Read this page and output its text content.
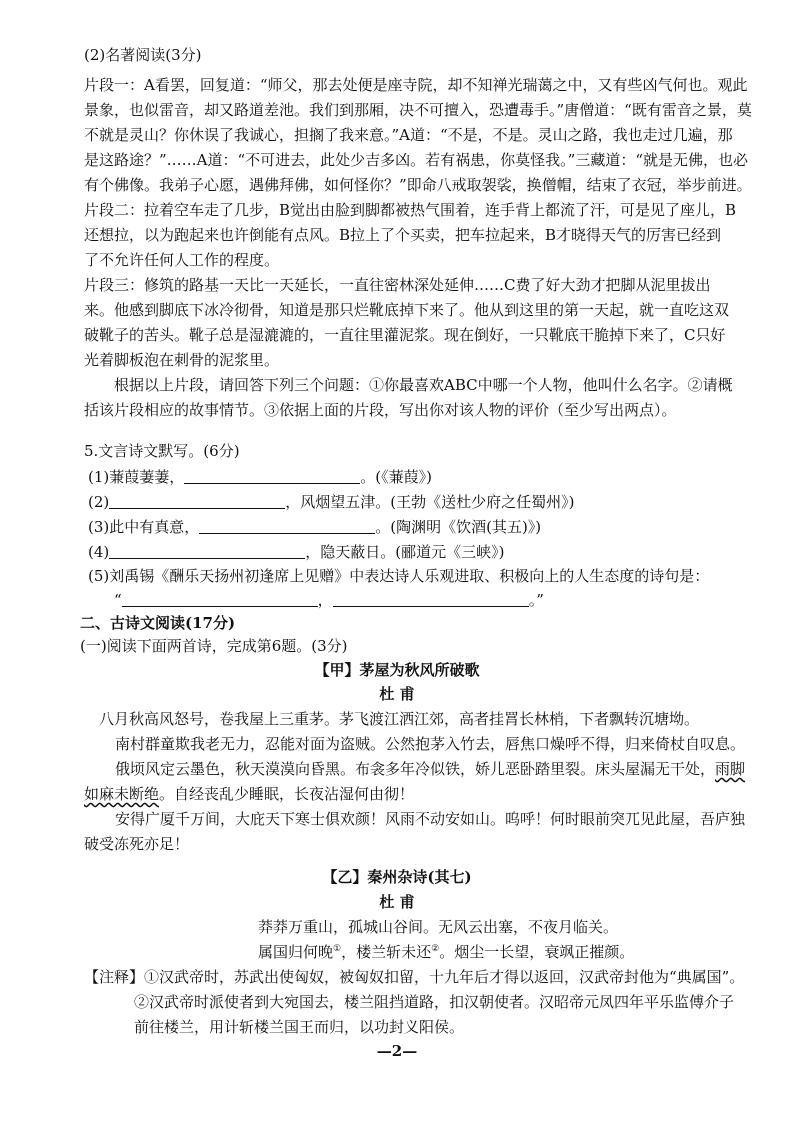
(2)名著阅读(3分)
片段一：A看罢，回复道：“师父，那去处便是座寺院，却不知禅光瑞蔼之中，又有些凶气何也。观此
景象，也似雷音，却又路道差池。我们到那厢，决不可擅入，恐遭毒手。”唐僧道：“既有雷音之景，莫
不就是灵山？你休误了我诚心，担搁了我来意。”A道：“不是，不是。灵山之路，我也走过几遍，那
是这路途？”……A道：“不可进去，此处少吉多凶。若有祸患，你莫怪我。”三藏道：“就是无佛，也必
有个佛像。我弟子心愿，遇佛拜佛，如何怪你？”即命八戒取袈裟，换僧帽，结束了衣冠，举步前进。
片段二：拉着空车走了几步，B觉出由脸到脚都被热气围着，连手背上都流了汗，可是见了座儿，B
还想拉，以为跑起来也许倒能有点风。B拉上了个买卖，把车拉起来，B才晓得天气的厉害已经到
了不允许任何人工作的程度。
片段三：修筑的路基一天比一天延长，一直往密林深处延伸……C费了好大劲才把脚从泥里拔出
来。他感到脚底下冰冷彻骨，知道是那只烂靴底掉下来了。他从到这里的第一天起，就一直吃这双
破靴子的苦头。靴子总是湿漉漉的，一直往里灌泥浆。现在倒好，一只靴底干脆掉下来了，C只好
光着脚板泡在刺骨的泥浆里。
根据以上片段，请回答下列三个问题：①你最喜欢ABC中哪一个人物，他叫什么名字。②请概
括该片段相应的故事情节。③依据上面的片段，写出你对该人物的评价（至少写出两点）。
5.文言诗文默写。(6分)
(1)蒹葭萋萋，	。(《蒹葭》)
(2)	，风烟望五津。(王勃《送杜少府之任蜀州》)
(3)此中有真意，	。(陶渊明《饮酒(其五)》)
(4)	，隐天蔽日。(郦道元《三峡》)
(5)刘禹锡《酬乐天扬州初逢席上见赠》中表达诗人乐观进取、积极向上的人生态度的诗句是：
“	，	。”
二、古诗文阅读(17分)
(一)阅读下面两首诗，完成第6题。(3分)
【甲】茅屋为秋风所破歌
杜 甫
八月秋高风怒号，卷我屋上三重茅。茅飞渡江洒江郊，高者挂罥长林梢，下者飘转沉塘坳。
南村群童欺我老无力，忍能对面为盗贼。公然抱茅入竹去，唇焦口燥呼不得，归来倚杖自叹息。
俄顷风定云墨色，秋天漠漠向昏黑。布衾多年冷似铁，娇儿恶卧踏里裂。床头屋漏无干处，雨脚
如麻未断绝。自经丧乱少睡眠，长夜沾湿何由彻！
安得广厦千万间，大庇天下寒士俱欢颜！风雨不动安如山。呜呼！何时眼前突兀见此屋，吾庐独
破受冻死亦足！
【乙】秦州杂诗(其七)
杜 甫
莽莽万重山，孤城山谷间。无风云出塞，不夜月临关。
属国归何晚①，楼兰斩未还②。烟尘一长望，衰飒正摧颜。
【注释】①汉武帝时，苏武出使匈奴，被匈奴扣留，十九年后才得以返回，汉武帝封他为“典属国”。
②汉武帝时派使者到大宛国去，楼兰阻挡道路，扣汉朝使者。汉昭帝元凤四年平乐监傅介子
前往楼兰，用计斩楼兰国王而归，以功封义阳侯。
—2—
